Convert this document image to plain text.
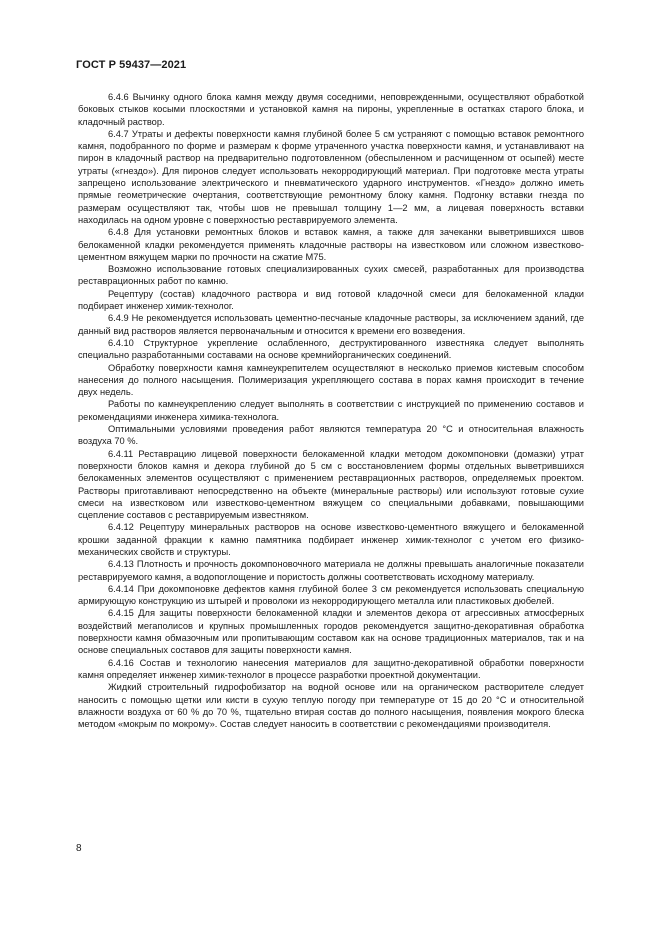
ГОСТ Р 59437—2021

6.4.6 Вычинку одного блока камня между двумя соседними, неповрежденными, осуществляют обработкой боковых стыков косыми плоскостями и установкой камня на пироны, укрепленные в остатках старого блока, и кладочный раствор.

6.4.7 Утраты и дефекты поверхности камня глубиной более 5 см устраняют с помощью вставок ремонтного камня, подобранного по форме и размерам к форме утраченного участка поверхности камня, и устанавливают на пирон в кладочный раствор на предварительно подготовленном (обеспыленном и расчищенном от осыпей) месте утраты («гнездо»). Для пиронов следует использовать некорродирующий материал. При подготовке места утраты запрещено использование электрического и пневматического ударного инструментов. «Гнездо» должно иметь прямые геометрические очертания, соответствующие ремонтному блоку камня. Подгонку вставки гнезда по размерам осуществляют так, чтобы шов не превышал толщину 1—2 мм, а лицевая поверхность вставки находилась на одном уровне с поверхностью реставрируемого элемента.

6.4.8 Для установки ремонтных блоков и вставок камня, а также для зачеканки выветрившихся швов белокаменной кладки рекомендуется применять кладочные растворы на известковом или сложном известково-цементном вяжущем марки по прочности на сжатие М75.

Возможно использование готовых специализированных сухих смесей, разработанных для производства реставрационных работ по камню.

Рецептуру (состав) кладочного раствора и вид готовой кладочной смеси для белокаменной кладки подбирает инженер химик-технолог.

6.4.9 Не рекомендуется использовать цементно-песчаные кладочные растворы, за исключением зданий, где данный вид растворов является первоначальным и относится к времени его возведения.

6.4.10 Структурное укрепление ослабленного, деструктированного известняка следует выполнять специально разработанными составами на основе кремнийорганических соединений.

Обработку поверхности камня камнеукрепителем осуществляют в несколько приемов кистевым способом нанесения до полного насыщения. Полимеризация укрепляющего состава в порах камня происходит в течение двух недель.

Работы по камнеукреплению следует выполнять в соответствии с инструкцией по применению составов и рекомендациями инженера химика-технолога.

Оптимальными условиями проведения работ являются температура 20 °С и относительная влажность воздуха 70 %.

6.4.11 Реставрацию лицевой поверхности белокаменной кладки методом докомпоновки (домазки) утрат поверхности блоков камня и декора глубиной до 5 см с восстановлением формы отдельных выветрившихся белокаменных элементов осуществляют с применением реставрационных растворов, определяемых проектом. Растворы приготавливают непосредственно на объекте (минеральные растворы) или используют готовые сухие смеси на известковом или известково-цементном вяжущем со специальными добавками, повышающими сцепление составов с реставрируемым известняком.

6.4.12 Рецептуру минеральных растворов на основе известково-цементного вяжущего и белокаменной крошки заданной фракции к камню памятника подбирает инженер химик-технолог с учетом его физико-механических свойств и структуры.

6.4.13 Плотность и прочность докомпоновочного материала не должны превышать аналогичные показатели реставрируемого камня, а водопоглощение и пористость должны соответствовать исходному материалу.

6.4.14 При докомпоновке дефектов камня глубиной более 3 см рекомендуется использовать специальную армирующую конструкцию из штырей и проволоки из некорродирующего металла или пластиковых дюбелей.

6.4.15 Для защиты поверхности белокаменной кладки и элементов декора от агрессивных атмосферных воздействий мегаполисов и крупных промышленных городов рекомендуется защитно-декоративная обработка поверхности камня обмазочным или пропитывающим составом как на основе традиционных материалов, так и на основе специальных составов для защиты поверхности камня.

6.4.16 Состав и технологию нанесения материалов для защитно-декоративной обработки поверхности камня определяет инженер химик-технолог в процессе разработки проектной документации.

Жидкий строительный гидрофобизатор на водной основе или на органическом растворителе следует наносить с помощью щетки или кисти в сухую теплую погоду при температуре от 15 до 20 °С и относительной влажности воздуха от 60 % до 70 %, тщательно втирая состав до полного насыщения, появления мокрого блеска методом «мокрым по мокрому». Состав следует наносить в соответствии с рекомендациями производителя.

8
